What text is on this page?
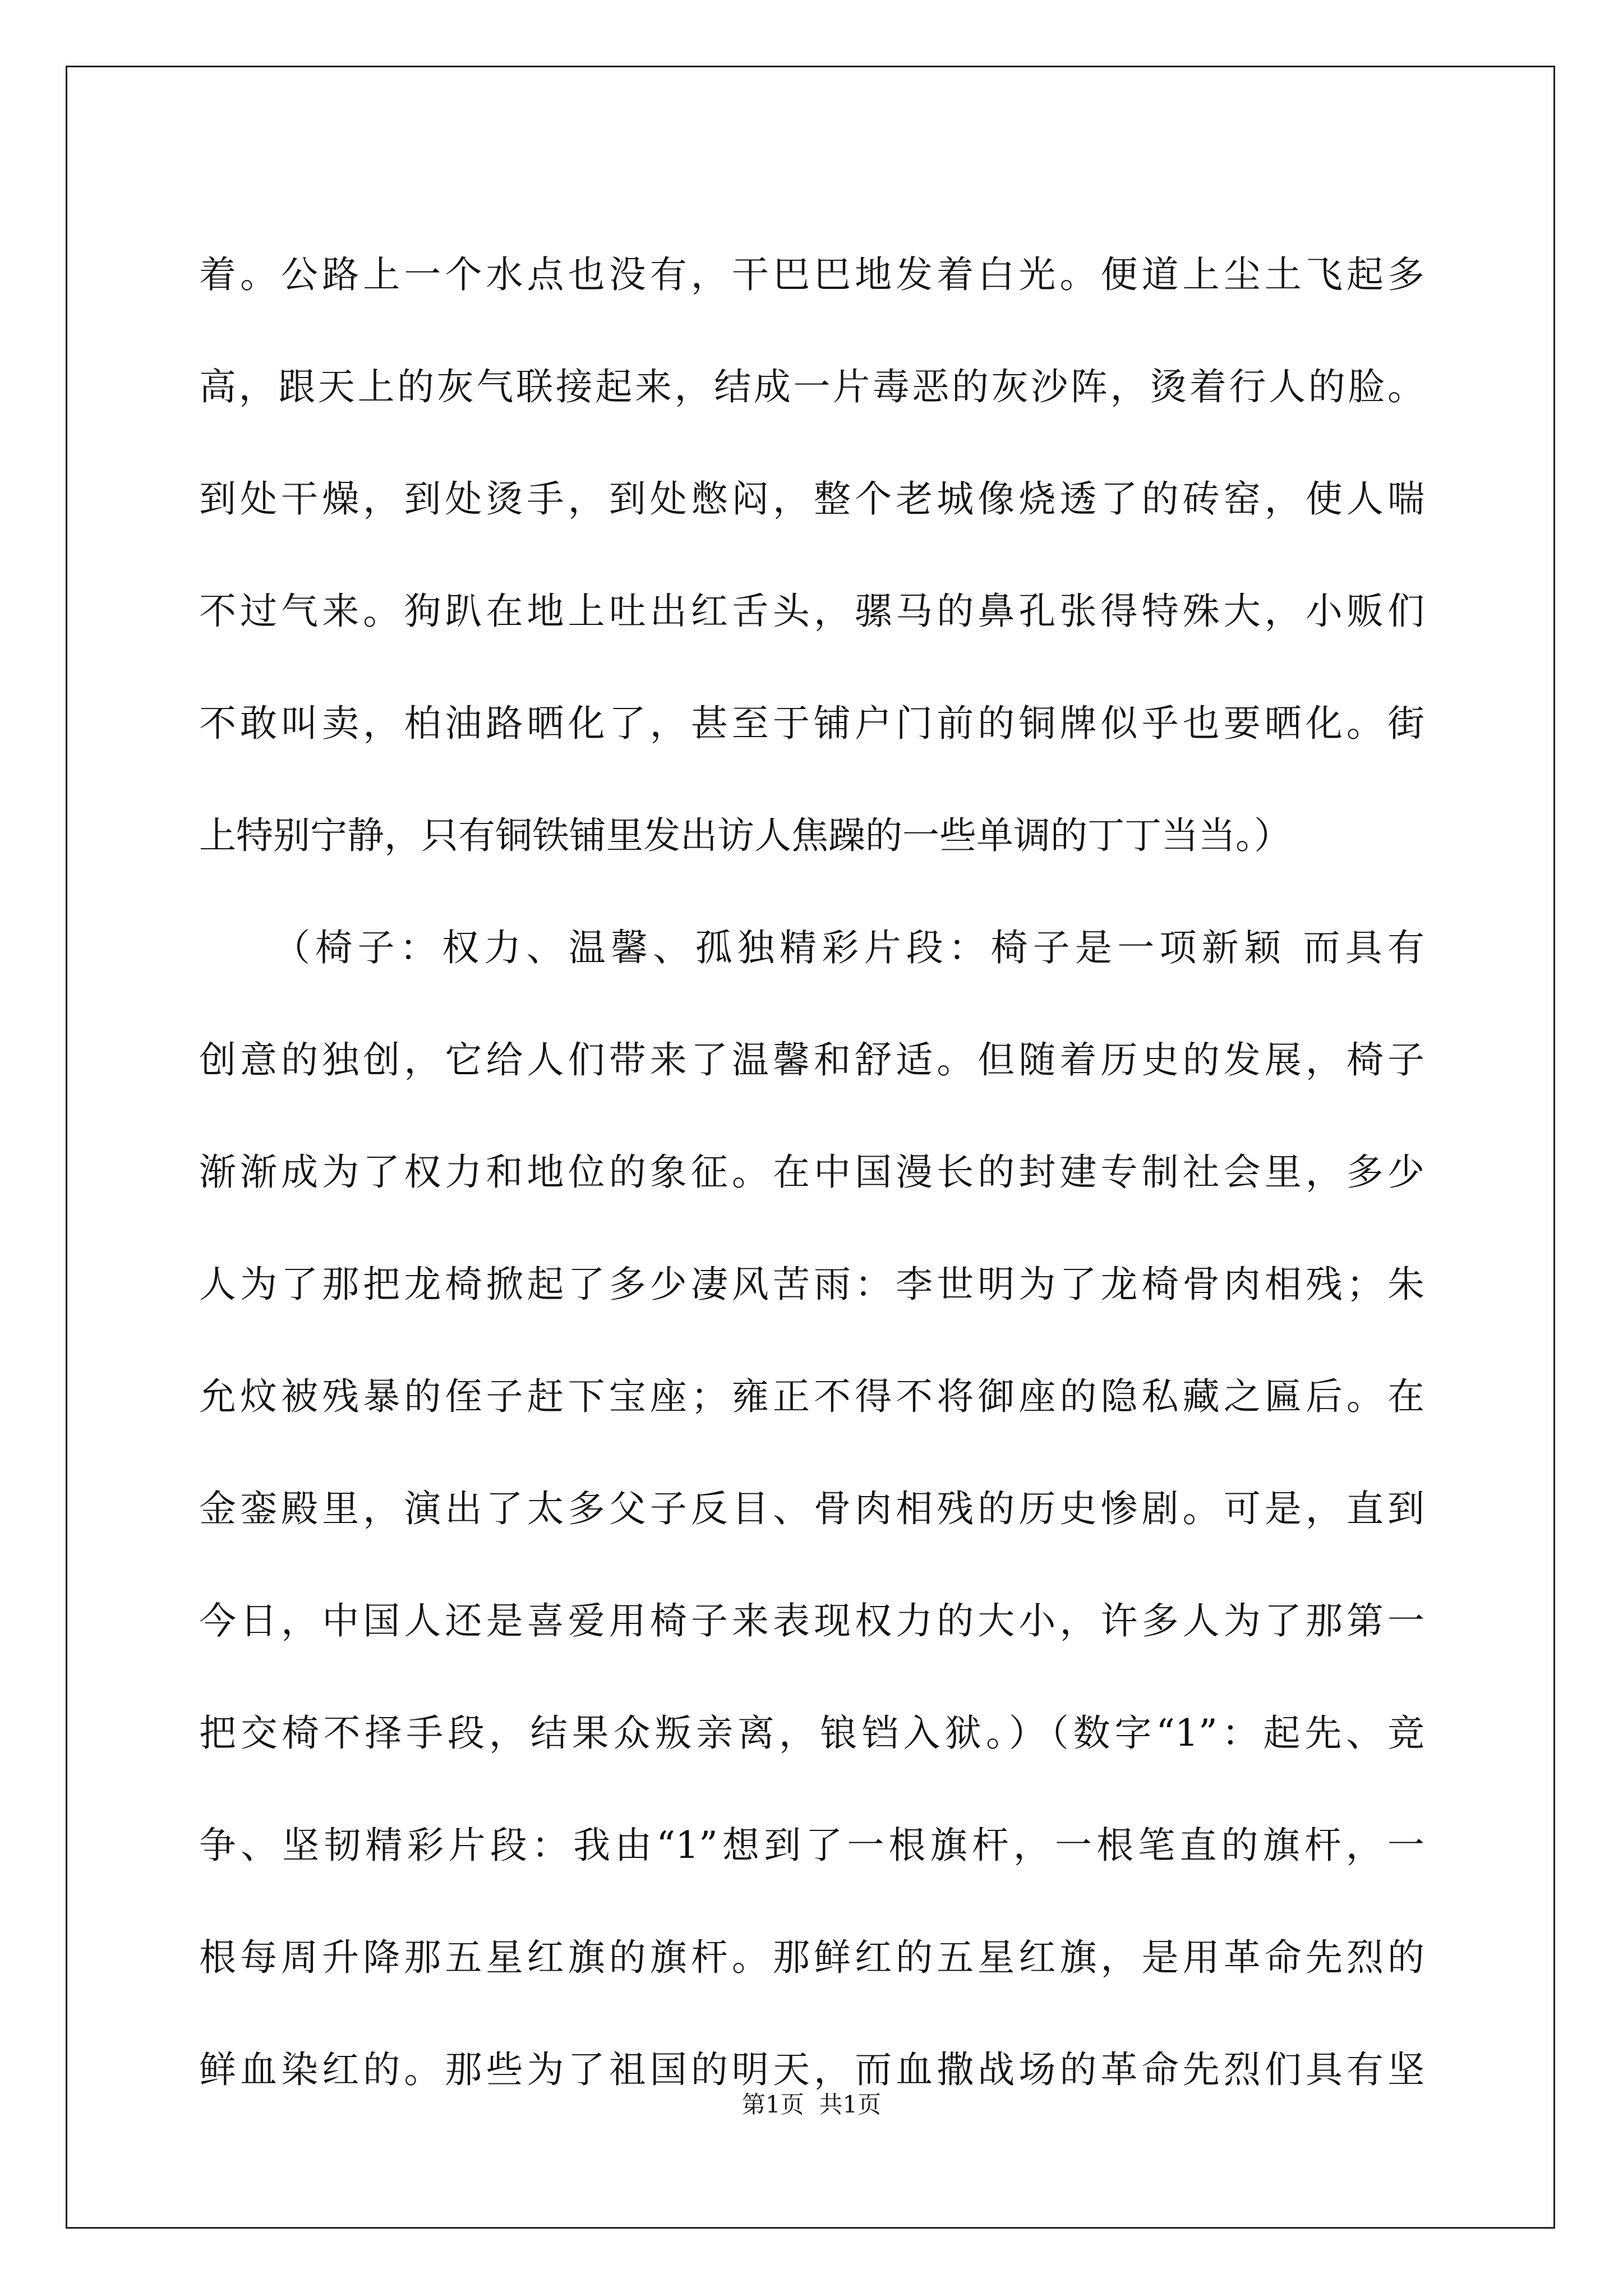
着。公路上一个水点也没有，干巴巴地发着白光。便道上尘土飞起多
高，跟天上的灰气联接起来，结成一片毒恶的灰沙阵，烫着行人的脸。
到处干燥，到处烫手，到处憋闷，整个老城像烧透了的砖窑，使人喘
不过气来。狗趴在地上吐出红舌头，骡马的鼻孔张得特殊大，小贩们
不敢叫卖，柏油路晒化了，甚至于铺户门前的铜牌似乎也要晒化。街
上特别宁静，只有铜铁铺里发出访人焦躁的一些单调的丁丁当当。）
（椅子：权力、温馨、孤独精彩片段：椅子是一项新颖 而具有
创意的独创，它给人们带来了温馨和舒适。但随着历史的发展，椅子
渐渐成为了权力和地位的象征。在中国漫长的封建专制社会里，多少
人为了那把龙椅掀起了多少凄风苦雨：李世明为了龙椅骨肉相残；朱
允炆被残暴的侄子赶下宝座；雍正不得不将御座的隐私藏之匾后。在
金銮殿里，演出了太多父子反目、骨肉相残的历史惨剧。可是，直到
今日，中国人还是喜爱用椅子来表现权力的大小，许多人为了那第一
把交椅不择手段，结果众叛亲离，锒铛入狱。）（数字“1”：起先、竞
争、坚韧精彩片段：我由“1”想到了一根旗杆，一根笔直的旗杆，一
根每周升降那五星红旗的旗杆。那鲜红的五星红旗，是用革命先烈的
鲜血染红的。那些为了祖国的明天，而血撒战场的革命先烈们具有坚
第1页  共1页
